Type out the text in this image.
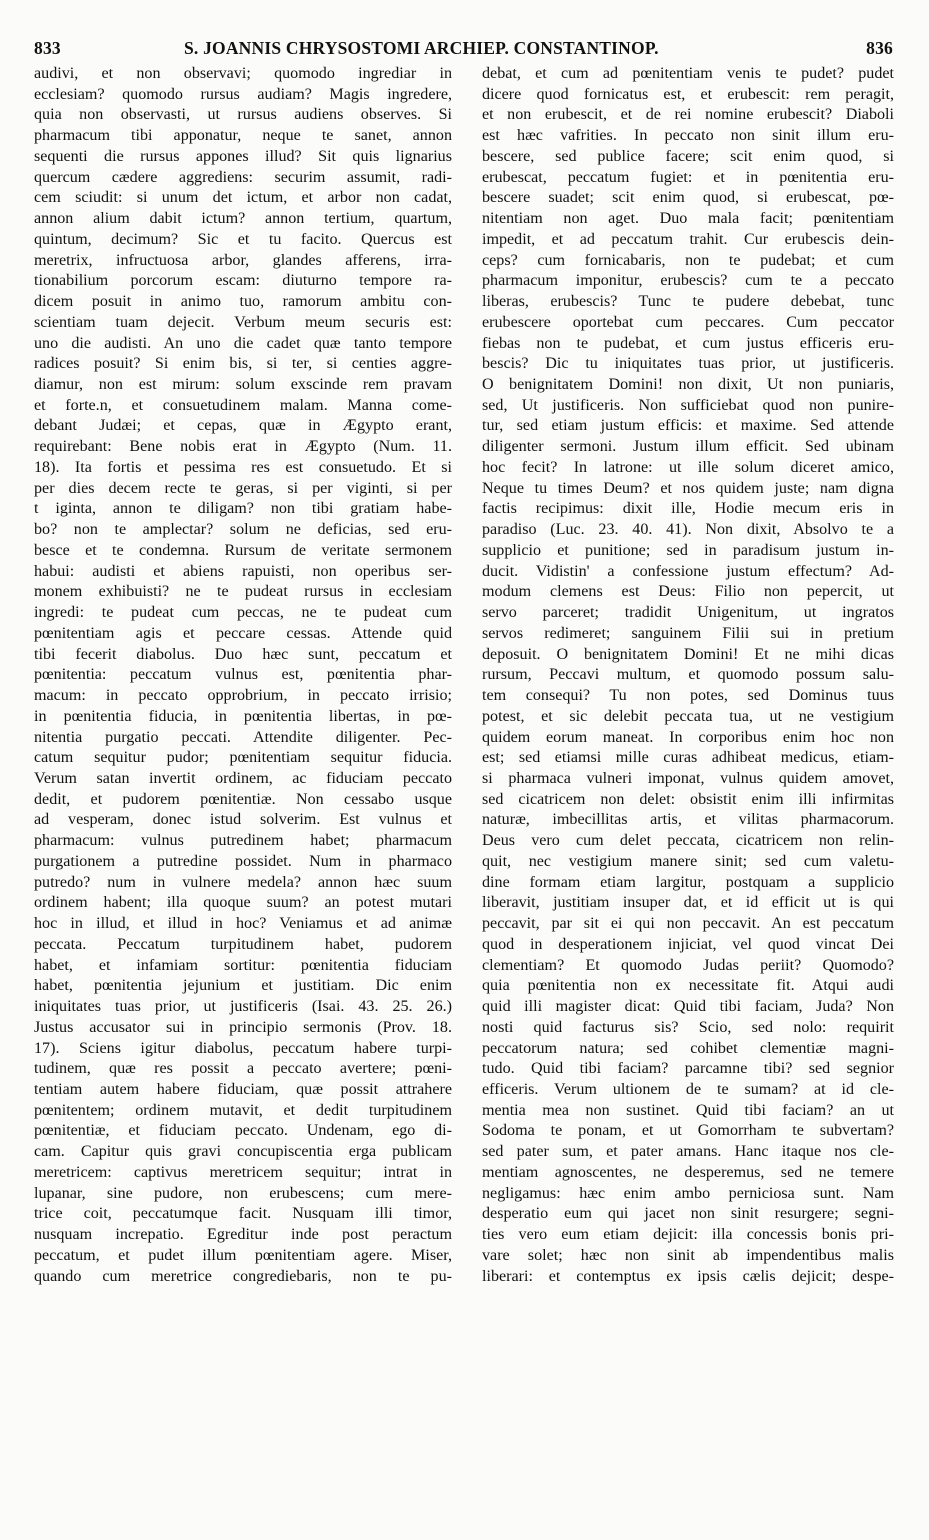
833	S. JOANNIS CHRYSOSTOMI ARCHIEP. CONSTANTINOP.	836
audivi, et non observavi; quomodo ingrediar in
ecclesiam? quomodo rursus audiam? Magis ingredere,
quia non observasti, ut rursus audiens observes. Si
pharmacum tibi apponatur, neque te sanet, annon
sequenti die rursus appones illud? Sit quis lignarius
quercum cædere aggrediens: securim assumit, radi-
cem sciudit: si unum det ictum, et arbor non cadat,
annon alium dabit ictum? annon tertium, quartum,
quintum, decimum? Sic et tu facito. Quercus est
meretrix, infructuosa arbor, glandes afferens, irra-
tionabilium porcorum escam: diuturno tempore ra-
dicem posuit in animo tuo, ramorum ambitu con-
scientiam tuam dejecit. Verbum meum securis est:
uno die audisti. An uno die cadet quæ tanto tempore
radices posuit? Si enim bis, si ter, si centies aggre-
diamur, non est mirum: solum exscinde rem pravam
et forte.n, et consuetudinem malam. Manna come-
debant Judæi; et cepas, quæ in Ægypto erant,
requirebant: Bene nobis erat in Ægypto (Num. 11.
18). Ita fortis et pessima res est consuetudo. Et si
per dies decem recte te geras, si per viginti, si per
t iginta, annon te diligam? non tibi gratiam habe-
bo? non te amplectar? solum ne deficias, sed eru-
besce et te condemna. Rursum de veritate sermonem
habui: audisti et abiens rapuisti, non operibus ser-
monem exhibuisti? ne te pudeat rursus in ecclesiam
ingredi: te pudeat cum peccas, ne te pudeat cum
pœnitentiam agis et peccare cessas. Attende quid
tibi fecerit diabolus. Duo hæc sunt, peccatum et
pœnitentia: peccatum vulnus est, pœnitentia phar-
macum: in peccato opprobrium, in peccato irrisio;
in pœnitentia fiducia, in pœnitentia libertas, in pœ-
nitentia purgatio peccati. Attendite diligenter. Pec-
catum sequitur pudor; pœnitentiam sequitur fiducia.
Verum satan invertit ordinem, ac fiduciam peccato
dedit, et pudorem pœnitentiæ. Non cessabo usque
ad vesperam, donec istud solverim. Est vulnus et
pharmacum: vulnus putredinem habet; pharmacum
purgationem a putredine possidet. Num in pharmaco
putredo? num in vulnere medela? annon hæc suum
ordinem habent; illa quoque suum? an potest mutari
hoc in illud, et illud in hoc? Veniamus et ad animæ
peccata. Peccatum turpitudinem habet, pudorem
habet, et infamiam sortitur: pœnitentia fiduciam
habet, pœnitentia jejunium et justitiam. Dic enim
iniquitates tuas prior, ut justificeris (Isai. 43. 25. 26.)
Justus accusator sui in principio sermonis (Prov. 18.
17). Sciens igitur diabolus, peccatum habere turpi-
tudinem, quæ res possit a peccato avertere; pœni-
tentiam autem habere fiduciam, quæ possit attrahere
pœnitentem; ordinem mutavit, et dedit turpitudinem
pœnitentiæ, et fiduciam peccato. Undenam, ego di-
cam. Capitur quis gravi concupiscentia erga publicam
meretricem: captivus meretricem sequitur; intrat in
lupanar, sine pudore, non erubescens; cum mere-
trice coit, peccatumque facit. Nusquam illi timor,
nusquam increpatio. Egreditur inde post peractum
peccatum, et pudet illum pœnitentiam agere. Miser,
quando cum meretrice congrediebaris, non te pu-
debat, et cum ad pœnitentiam venis te pudet? pudet
dicere quod fornicatus est, et erubescit: rem peragit,
et non erubescit, et de rei nomine erubescit? Diaboli
est hæc vafrities. In peccato non sinit illum eru-
bescere, sed publice facere; scit enim quod, si
erubescat, peccatum fugiet: et in pœnitentia eru-
bescere suadet; scit enim quod, si erubescat, pœ-
nitentiam non aget. Duo mala facit; pœnitentiam
impedit, et ad peccatum trahit. Cur erubescis dein-
ceps? cum fornicabaris, non te pudebat; et cum
pharmacum imponitur, erubescis? cum te a peccato
liberas, erubescis? Tunc te pudere debebat, tunc
erubescere oportebat cum peccares. Cum peccator
fiebas non te pudebat, et cum justus efficeris eru-
bescis? Dic tu iniquitates tuas prior, ut justificeris.
O benignitatem Domini! non dixit, Ut non puniaris,
sed, Ut justificeris. Non sufficiebat quod non punire-
tur, sed etiam justum efficis: et maxime. Sed attende
diligenter sermoni. Justum illum efficit. Sed ubinam
hoc fecit? In latrone: ut ille solum diceret amico,
Neque tu times Deum? et nos quidem juste; nam digna
factis recipimus: dixit ille, Hodie mecum eris in
paradiso (Luc. 23. 40. 41). Non dixit, Absolvo te a
supplicio et punitione; sed in paradisum justum in-
ducit. Vidistin' a confessione justum effectum? Ad-
modum clemens est Deus: Filio non pepercit, ut
servo parceret; tradidit Unigenitum, ut ingratos
servos redimeret; sanguinem Filii sui in pretium
deposuit. O benignitatem Domini! Et ne mihi dicas
rursum, Peccavi multum, et quomodo possum salu-
tem consequi? Tu non potes, sed Dominus tuus
potest, et sic delebit peccata tua, ut ne vestigium
quidem eorum maneat. In corporibus enim hoc non
est; sed etiamsi mille curas adhibeat medicus, etiam-
si pharmaca vulneri imponat, vulnus quidem amovet,
sed cicatricem non delet: obsistit enim illi infirmitas
naturæ, imbecillitas artis, et vilitas pharmacorum.
Deus vero cum delet peccata, cicatricem non relin-
quit, nec vestigium manere sinit; sed cum valetu-
dine formam etiam largitur, postquam a supplicio
liberavit, justitiam insuper dat, et id efficit ut is qui
peccavit, par sit ei qui non peccavit. An est peccatum
quod in desperationem injiciat, vel quod vincat Dei
clementiam? Et quomodo Judas periit? Quomodo?
quia pœnitentia non ex necessitate fit. Atqui audi
quid illi magister dicat: Quid tibi faciam, Juda? Non
nosti quid facturus sis? Scio, sed nolo: requirit
peccatorum natura; sed cohibet clementiæ magni-
tudo. Quid tibi faciam? parcamne tibi? sed segnior
efficeris. Verum ultionem de te sumam? at id cle-
mentia mea non sustinet. Quid tibi faciam? an ut
Sodoma te ponam, et ut Gomorrham te subvertam?
sed pater sum, et pater amans. Hanc itaque nos cle-
mentiam agnoscentes, ne desperemus, sed ne temere
negligamus: hæc enim ambo perniciosa sunt. Nam
desperatio eum qui jacet non sinit resurgere; segni-
ties vero eum etiam dejicit: illa concessis bonis pri-
vare solet; hæc non sinit ab impendentibus malis
liberari: et contemptus ex ipsis cælis dejicit; despe-
